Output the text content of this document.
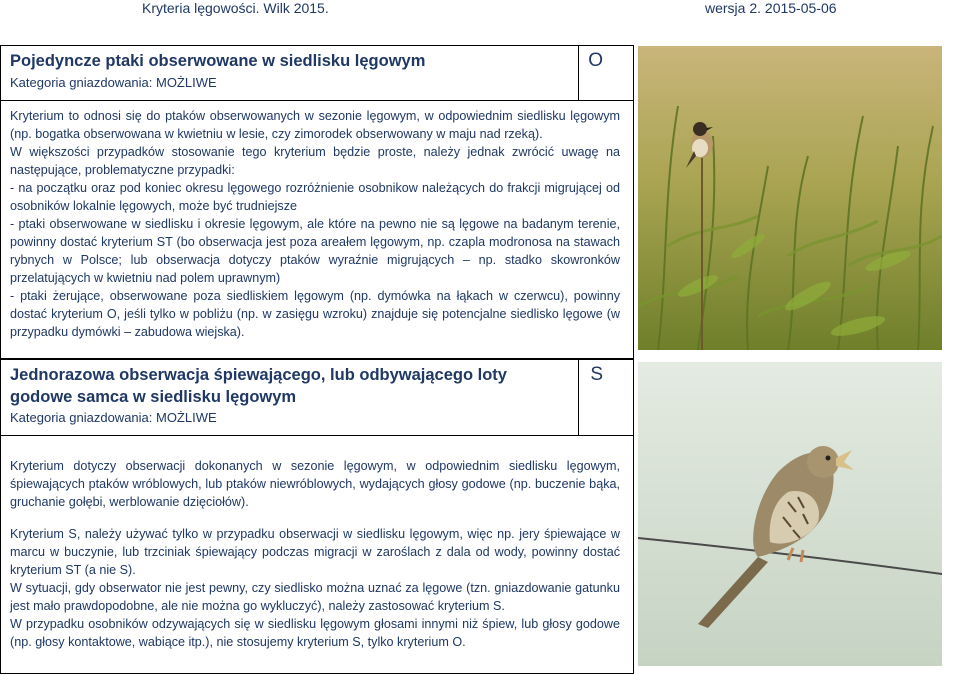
Kryteria lęgowości. Wilk 2015.	wersja 2. 2015-05-06
Pojedyncze ptaki obserwowane w siedlisku lęgowym	O
Kategoria gniazdowania: MOŻLIWE

Kryterium to odnosi się do ptaków obserwowanych w sezonie lęgowym, w odpowiednim siedlisku lęgowym (np. bogatka obserwowana w kwietniu w lesie, czy zimorodek obserwowany w maju nad rzeką).

W większości przypadków stosowanie tego kryterium będzie proste, należy jednak zwrócić uwagę na następujące, problematyczne przypadki:

- na początku oraz pod koniec okresu lęgowego rozróżnienie osobnikow należących do frakcji migrującej od osobników lokalnie lęgowych, może być trudniejsze

- ptaki obserwowane w siedlisku i okresie lęgowym, ale które na pewno nie są lęgowe na badanym terenie, powinny dostać kryterium ST (bo obserwacja jest poza areałem lęgowym, np. czapla modronosa na stawach rybnych w Polsce; lub obserwacja dotyczy ptaków wyraźnie migrujących – np. stadko skowronków przelatujących w kwietniu nad polem uprawnym)

- ptaki żerujące, obserwowane poza siedliskiem lęgowym (np. dymówka na łąkach w czerwcu), powinny dostać kryterium O, jeśli tylko w pobliżu (np. w zasięgu wzroku) znajduje się potencjalne siedlisko lęgowe (w przypadku dymówki – zabudowa wiejska).

Jednorazowa obserwacja śpiewającego, lub odbywającego loty godowe samca w siedlisku lęgowym
S
Kategoria gniazdowania: MOŻLIWE

Kryterium dotyczy obserwacji dokonanych w sezonie lęgowym, w odpowiednim siedlisku lęgowym, śpiewających ptaków wróblowych, lub ptaków niewróblowych, wydających głosy godowe (np. buczenie bąka, gruchanie gołębi, werblowanie dzięciołów).

Kryterium S, należy używać tylko w przypadku obserwacji w siedlisku lęgowym, więc np. jery śpiewające w marcu w buczynie, lub trzciniak śpiewający podczas migracji w zaroślach z dala od wody, powinny dostać kryterium ST (a nie S).

W sytuacji, gdy obserwator nie jest pewny, czy siedlisko można uznać za lęgowe (tzn. gniazdowanie gatunku jest mało prawdopodobne, ale nie można go wykluczyć), należy zastosować kryterium S.

W przypadku osobników odzywających się w siedlisku lęgowym głosami innymi niż śpiew, lub głosy godowe (np. głosy kontaktowe, wabiące itp.), nie stosujemy kryterium S, tylko kryterium O.
